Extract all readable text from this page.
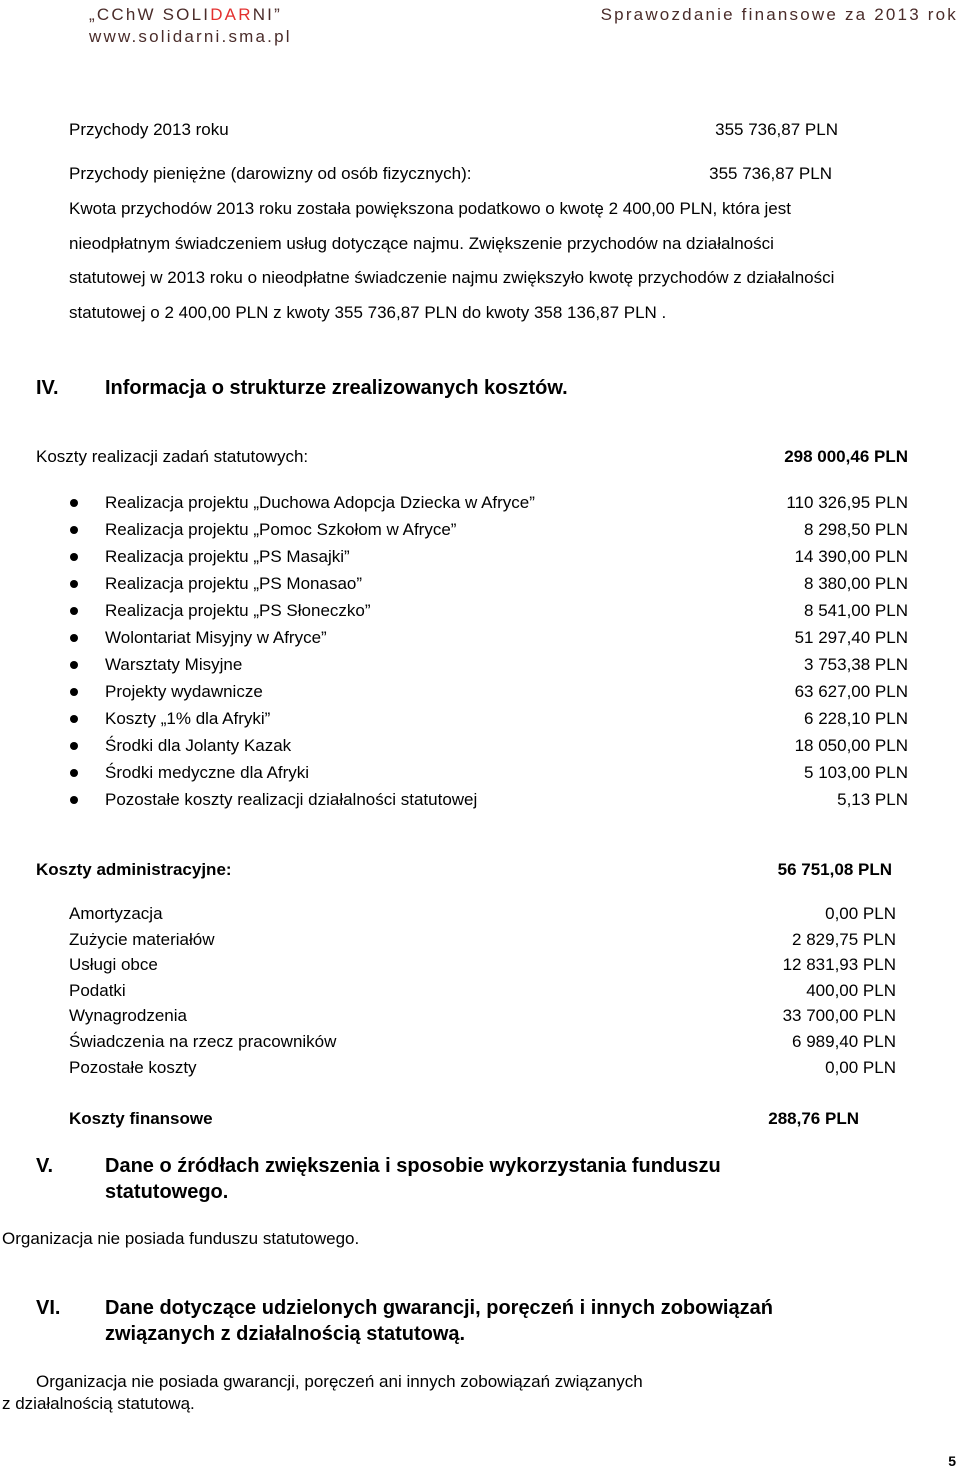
„CChW SOLIDARNI”
www.solidarni.sma.pl
Sprawozdanie finansowe za 2013 rok
Przychody 2013 roku	355 736,87 PLN
Przychody pieniężne (darowizny od osób fizycznych):	355 736,87 PLN
Kwota przychodów 2013 roku została powiększona podatkowo o kwotę 2 400,00 PLN, która jest
nieodpłatnym świadczeniem usług dotyczące najmu. Zwiększenie przychodów na działalności
statutowej w 2013 roku o nieodpłatne świadczenie najmu zwiększyło kwotę przychodów z działalności
statutowej o 2 400,00 PLN z kwoty 355 736,87 PLN do kwoty 358 136,87 PLN .
IV. Informacja o strukturze zrealizowanych kosztów.
Koszty realizacji zadań statutowych:	298 000,46 PLN
Realizacja projektu „Duchowa Adopcja Dziecka w Afryce”	110 326,95 PLN
Realizacja projektu „Pomoc Szkołom w Afryce”	8 298,50 PLN
Realizacja projektu „PS Masajki”	14 390,00 PLN
Realizacja projektu „PS Monasao”	8 380,00 PLN
Realizacja projektu „PS Słoneczko”	8 541,00 PLN
Wolontariat Misyjny w Afryce”	51 297,40 PLN
Warsztaty Misyjne	3 753,38 PLN
Projekty wydawnicze	63 627,00 PLN
Koszty „1% dla Afryki”	6 228,10 PLN
Środki dla Jolanty Kazak	18 050,00 PLN
Środki medyczne dla Afryki	5 103,00 PLN
Pozostałe koszty realizacji działalności statutowej	5,13 PLN
Koszty administracyjne:	56 751,08 PLN
Amortyzacja	0,00 PLN
Zużycie materiałów	2 829,75 PLN
Usługi obce	12 831,93 PLN
Podatki	400,00 PLN
Wynagrodzenia	33 700,00 PLN
Świadczenia na rzecz pracowników	6 989,40 PLN
Pozostałe koszty	0,00 PLN
Koszty finansowe	288,76 PLN
V.	Dane o źródłach zwiększenia i sposobie wykorzystania funduszu
statutowego.
Organizacja nie posiada funduszu statutowego.
VI. Dane dotyczące udzielonych gwarancji, poręczeń i innych zobowiązań
związanych z działalnością statutową.
Organizacja nie posiada gwarancji, poręczeń ani innych zobowiązań związanych
z działalnością statutową.
5
